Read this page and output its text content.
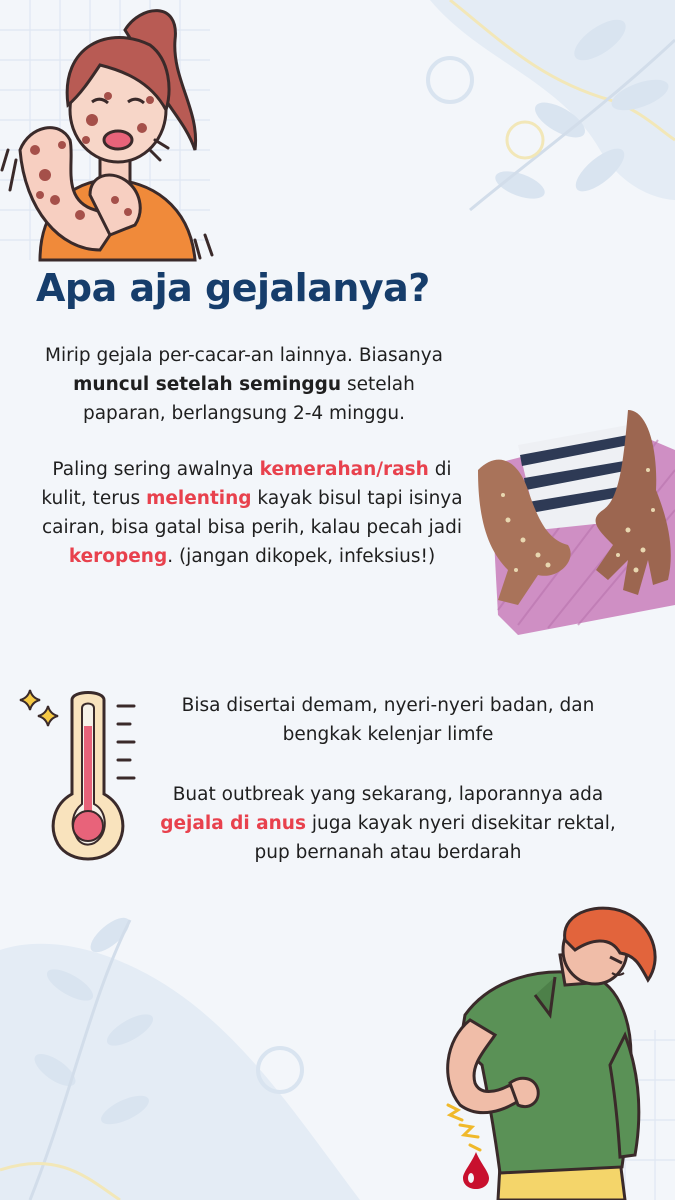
Apa aja gejalanya?
Mirip gejala per-cacar-an lainnya. Biasanya muncul setelah seminggu setelah paparan, berlangsung 2-4 minggu.
Paling sering awalnya kemerahan/rash di kulit, terus melenting kayak bisul tapi isinya cairan, bisa gatal bisa perih, kalau pecah jadi keropeng. (jangan dikopek, infeksius!)
Bisa disertai demam, nyeri-nyeri badan, dan bengkak kelenjar limfe
Buat outbreak yang sekarang, laporannya ada gejala di anus juga kayak nyeri disekitar rektal, pup bernanah atau berdarah
